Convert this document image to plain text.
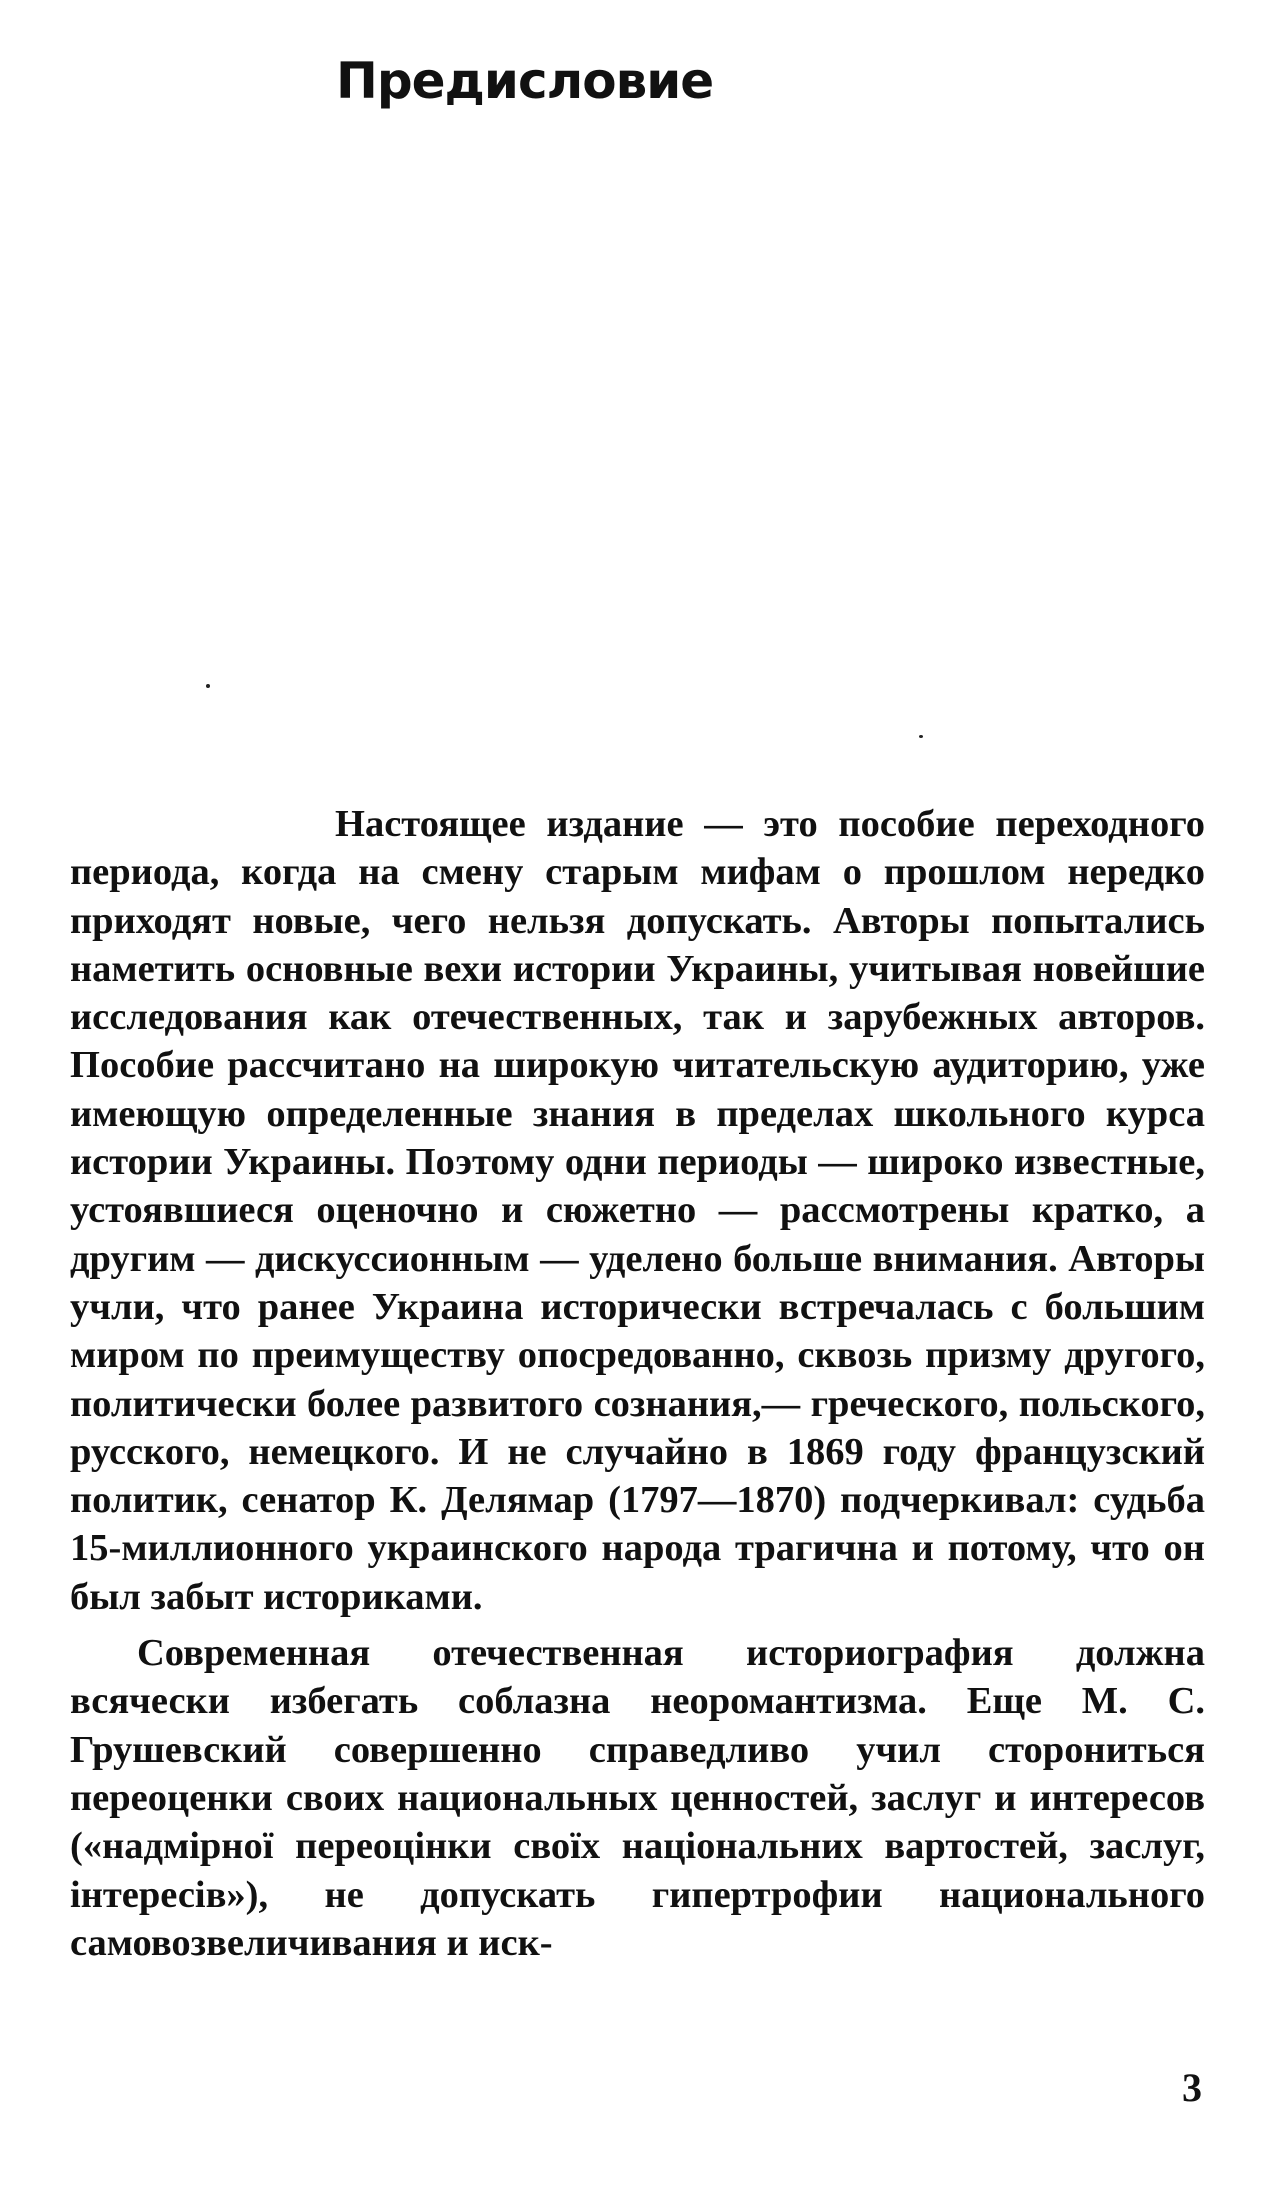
Предисловие

Настоящее издание — это пособие переходного периода, когда на смену старым мифам о прошлом нередко приходят новые, чего нельзя допускать. Авторы попытались наметить основные вехи истории Украины, учитывая новейшие исследования как отечественных, так и зарубежных авторов. Пособие рассчитано на широкую читательскую аудиторию, уже имеющую определенные знания в пределах школьного курса истории Украины. Поэтому одни периоды — широко известные, устоявшиеся оценочно и сюжетно — рассмотрены кратко, а другим — дискуссионным — уделено больше внимания. Авторы учли, что ранее Украина исторически встречалась с большим миром по преимуществу опосредованно, сквозь призму другого, политически более развитого сознания,— греческого, польского, русского, немецкого. И не случайно в 1869 году французский политик, сенатор К. Делямар (1797—1870) подчеркивал: судьба 15-миллионного украинского народа трагична и потому, что он был забыт историками.

Современная отечественная историография должна всячески избегать соблазна неоромантизма. Еще М. С. Грушевский совершенно справедливо учил сторониться переоценки своих национальных ценностей, заслуг и интересов («надмірної переоцінки своїх національних вартостей, заслуг, інтересів»), не допускать гипертрофии национального самовозвеличивания и иск-

3
